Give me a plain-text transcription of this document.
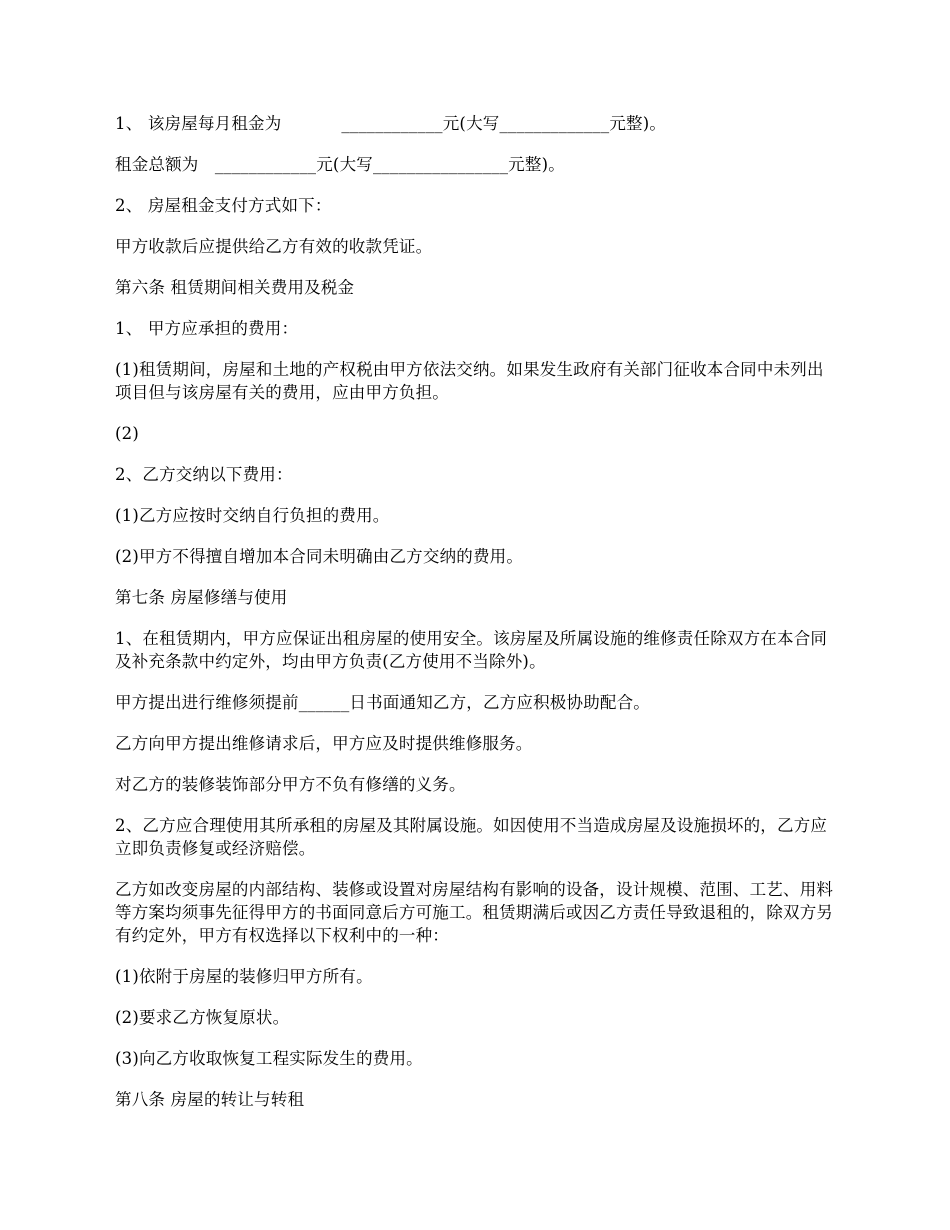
1、 该房屋每月租金为           ____________元(大写_____________元整)。

租金总额为   ____________元(大写________________元整)。

2、 房屋租金支付方式如下：

甲方收款后应提供给乙方有效的收款凭证。

第六条 租赁期间相关费用及税金

1、 甲方应承担的费用：

(1)租赁期间，房屋和土地的产权税由甲方依法交纳。如果发生政府有关部门征收本合同中未列出项目但与该房屋有关的费用，应由甲方负担。

(2)

2、乙方交纳以下费用：

(1)乙方应按时交纳自行负担的费用。

(2)甲方不得擅自增加本合同未明确由乙方交纳的费用。

第七条 房屋修缮与使用

1、在租赁期内，甲方应保证出租房屋的使用安全。该房屋及所属设施的维修责任除双方在本合同及补充条款中约定外，均由甲方负责(乙方使用不当除外)。

甲方提出进行维修须提前______日书面通知乙方，乙方应积极协助配合。

乙方向甲方提出维修请求后，甲方应及时提供维修服务。

对乙方的装修装饰部分甲方不负有修缮的义务。

2、乙方应合理使用其所承租的房屋及其附属设施。如因使用不当造成房屋及设施损坏的，乙方应立即负责修复或经济赔偿。

乙方如改变房屋的内部结构、装修或设置对房屋结构有影响的设备，设计规模、范围、工艺、用料等方案均须事先征得甲方的书面同意后方可施工。租赁期满后或因乙方责任导致退租的，除双方另有约定外，甲方有权选择以下权利中的一种：

(1)依附于房屋的装修归甲方所有。

(2)要求乙方恢复原状。

(3)向乙方收取恢复工程实际发生的费用。

第八条 房屋的转让与转租
